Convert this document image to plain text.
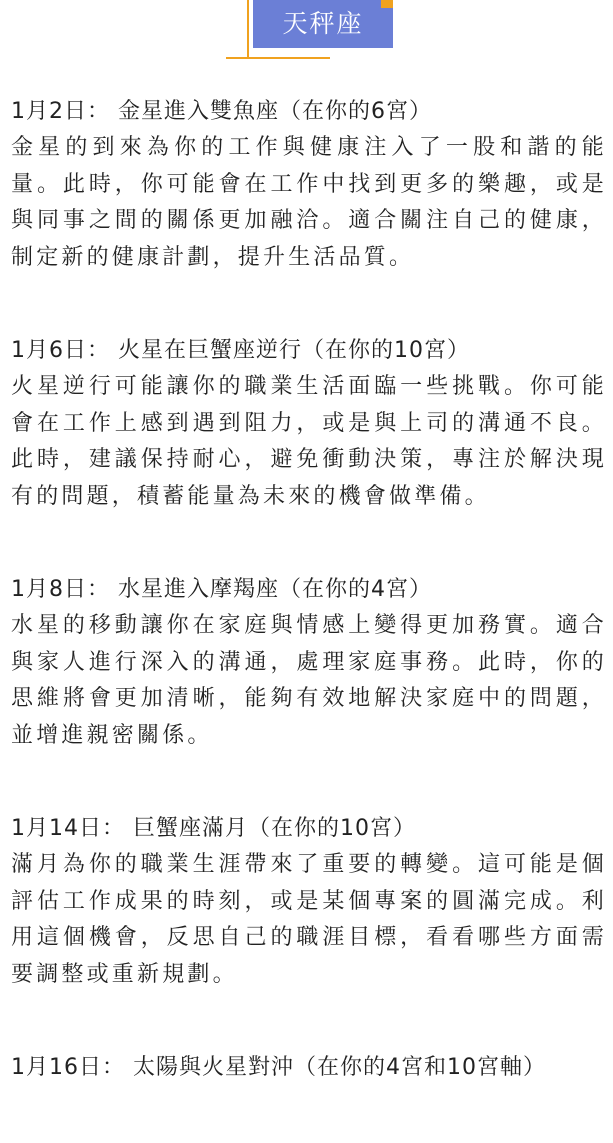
天秤座
1月2日： 金星進入雙魚座（在你的6宮）
金星的到來為你的工作與健康注入了一股和諧的能量。此時，你可能會在工作中找到更多的樂趣，或是與同事之間的關係更加融洽。適合關注自己的健康，制定新的健康計劃，提升生活品質。
1月6日： 火星在巨蟹座逆行（在你的10宮）
火星逆行可能讓你的職業生活面臨一些挑戰。你可能會在工作上感到遇到阻力，或是與上司的溝通不良。此時，建議保持耐心，避免衝動決策，專注於解決現有的問題，積蓄能量為未來的機會做準備。
1月8日： 水星進入摩羯座（在你的4宮）
水星的移動讓你在家庭與情感上變得更加務實。適合與家人進行深入的溝通，處理家庭事務。此時，你的思維將會更加清晰，能夠有效地解決家庭中的問題，並增進親密關係。
1月14日： 巨蟹座滿月（在你的10宮）
滿月為你的職業生涯帶來了重要的轉變。這可能是個評估工作成果的時刻，或是某個專案的圓滿完成。利用這個機會，反思自己的職涯目標，看看哪些方面需要調整或重新規劃。
1月16日： 太陽與火星對沖（在你的4宮和10宮軸）
